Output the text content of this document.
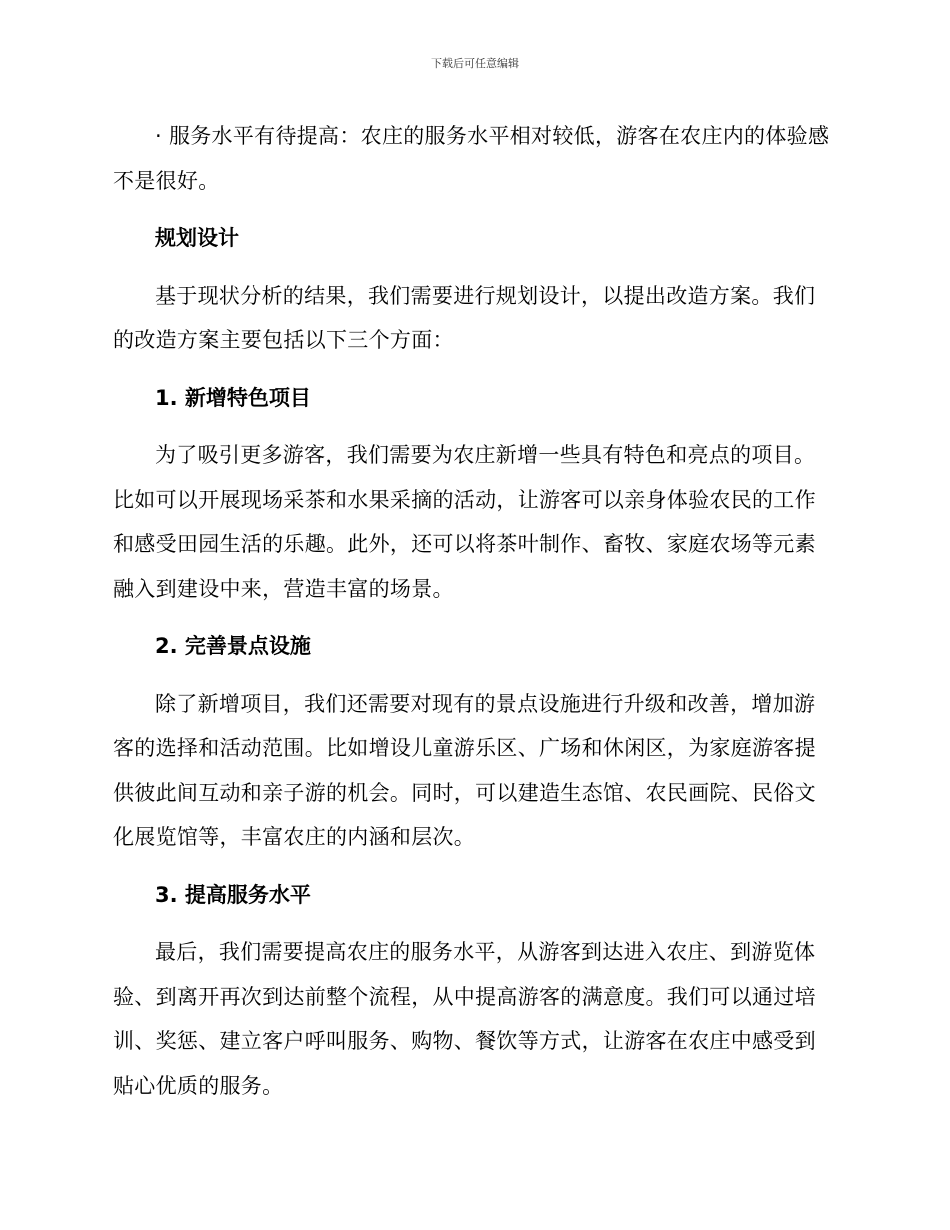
下载后可任意编辑

· 服务水平有待提高：农庄的服务水平相对较低，游客在农庄内的体验感不是很好。

规划设计

基于现状分析的结果，我们需要进行规划设计，以提出改造方案。我们的改造方案主要包括以下三个方面：

1. 新增特色项目

为了吸引更多游客，我们需要为农庄新增一些具有特色和亮点的项目。比如可以开展现场采茶和水果采摘的活动，让游客可以亲身体验农民的工作和感受田园生活的乐趣。此外，还可以将茶叶制作、畜牧、家庭农场等元素融入到建设中来，营造丰富的场景。

2. 完善景点设施

除了新增项目，我们还需要对现有的景点设施进行升级和改善，增加游客的选择和活动范围。比如增设儿童游乐区、广场和休闲区，为家庭游客提供彼此间互动和亲子游的机会。同时，可以建造生态馆、农民画院、民俗文化展览馆等，丰富农庄的内涵和层次。

3. 提高服务水平

最后，我们需要提高农庄的服务水平，从游客到达进入农庄、到游览体验、到离开再次到达前整个流程，从中提高游客的满意度。我们可以通过培训、奖惩、建立客户呼叫服务、购物、餐饮等方式，让游客在农庄中感受到贴心优质的服务。
